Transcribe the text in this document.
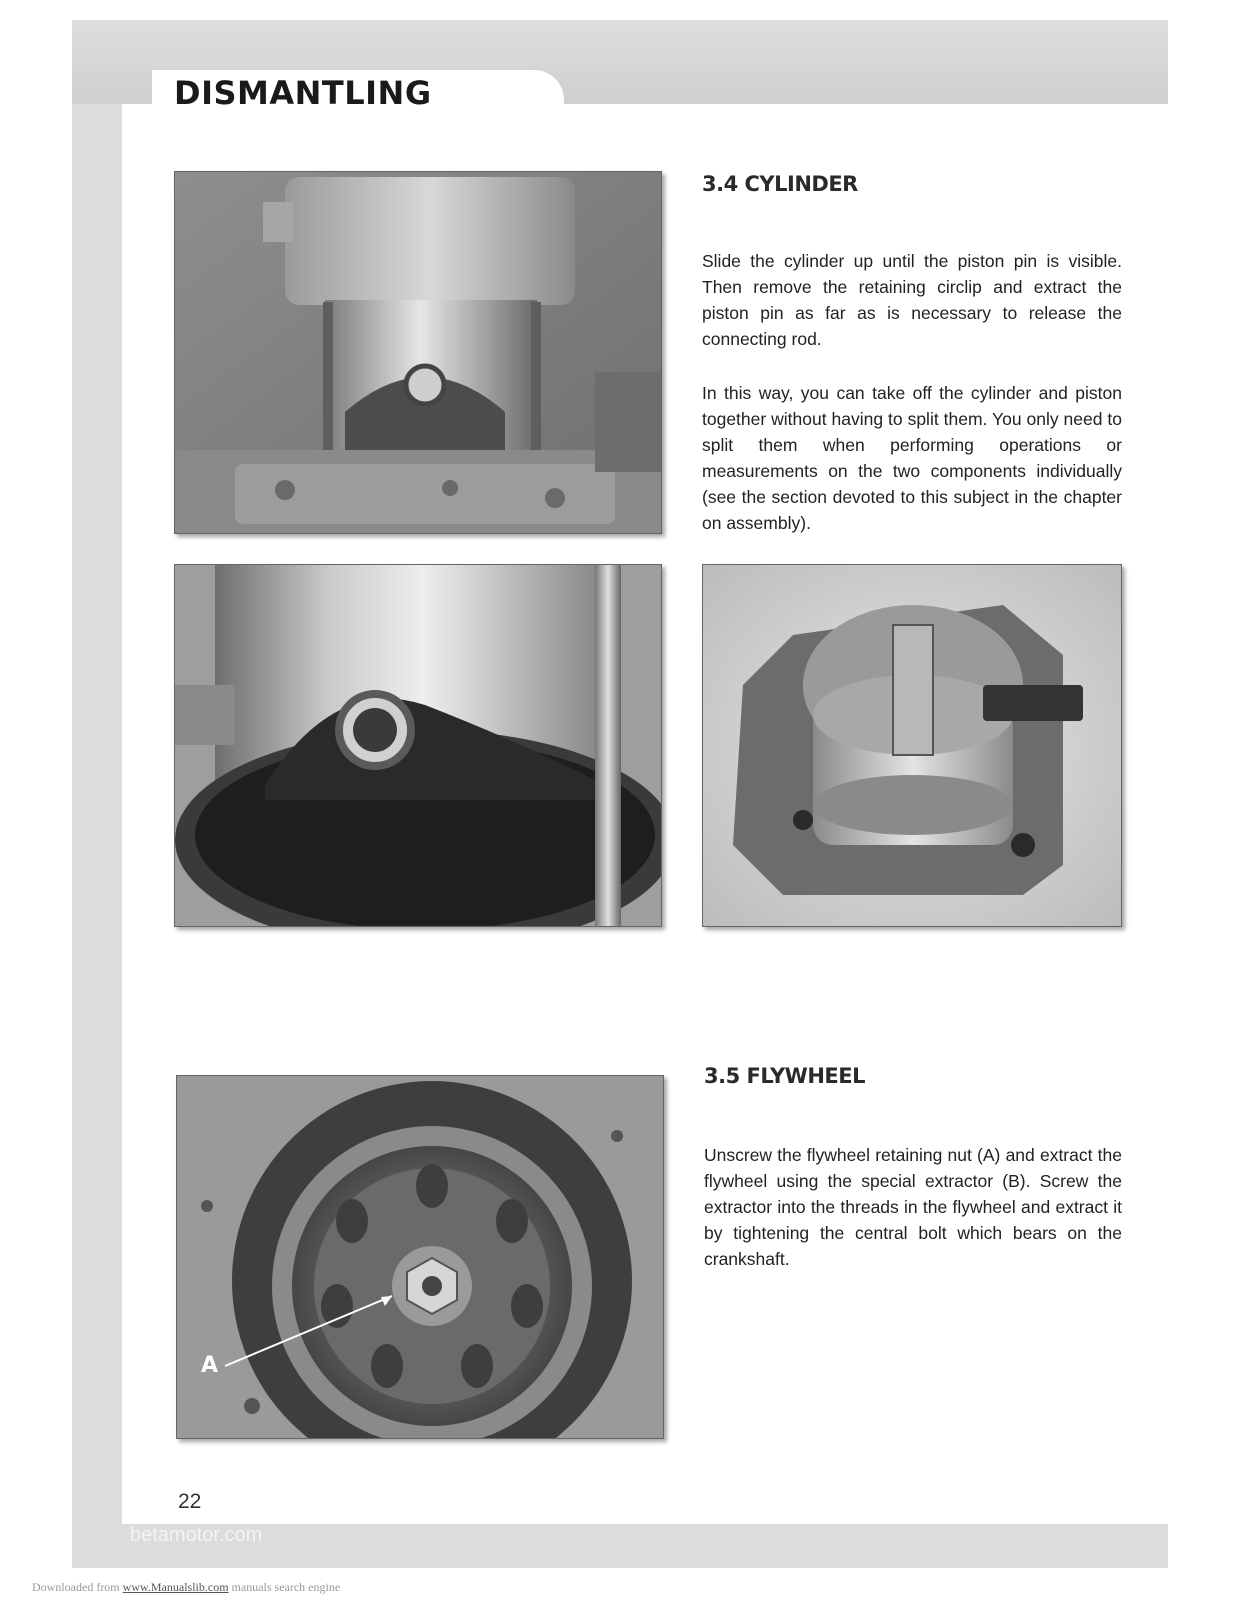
DISMANTLING
3.4 CYLINDER

Slide the cylinder up until the piston pin is visible. Then remove the retaining circlip and extract the piston pin as far as is necessary to release the connecting rod.

In this way, you can take off the cylinder and piston together without having to split them. You only need to split them when performing operations or measurements on the two components individually (see the section devoted to this subject in the chapter on assembly).

3.5 FLYWHEEL

Unscrew the flywheel retaining nut (A) and extract the flywheel using the special extractor (B). Screw the extractor into the threads in the flywheel and extract it by tightening the central bolt which bears on the crankshaft.

A
22
betamotor.com
Downloaded from www.Manualslib.com manuals search engine
